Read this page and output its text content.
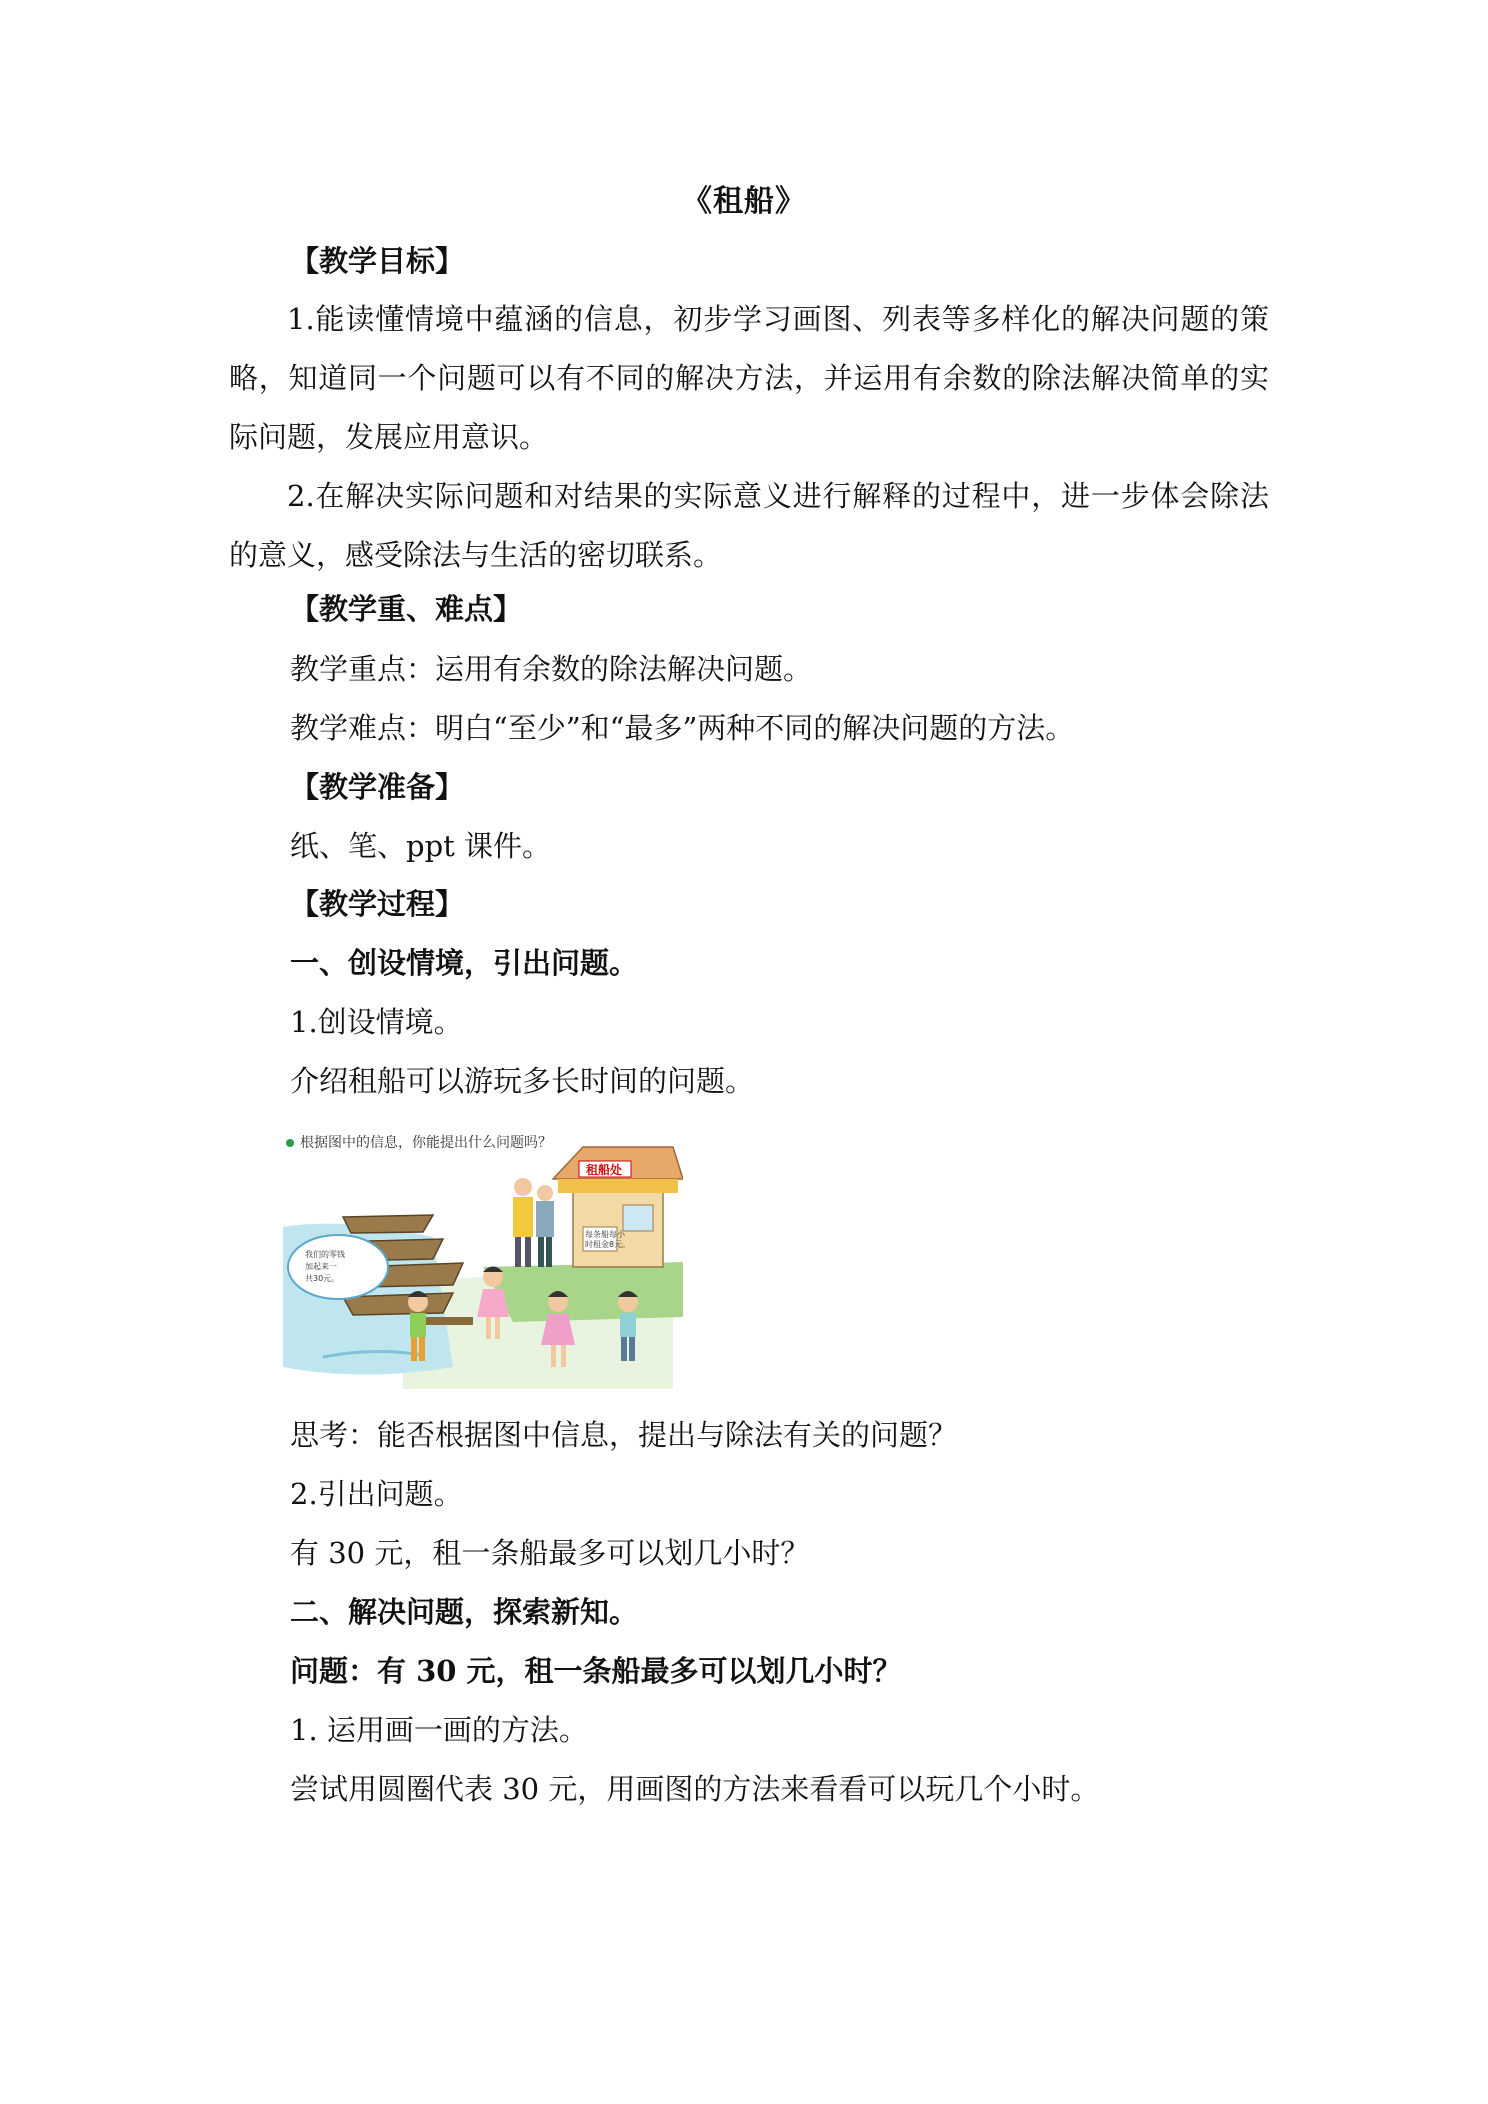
《租船》
【教学目标】
1.能读懂情境中蕴涵的信息，初步学习画图、列表等多样化的解决问题的策略，知道同一个问题可以有不同的解决方法，并运用有余数的除法解决简单的实际问题，发展应用意识。
2.在解决实际问题和对结果的实际意义进行解释的过程中，进一步体会除法的意义，感受除法与生活的密切联系。
【教学重、难点】
教学重点：运用有余数的除法解决问题。
教学难点：明白“至少”和“最多”两种不同的解决问题的方法。
【教学准备】
纸、笔、ppt 课件。
【教学过程】
一、创设情境，引出问题。
1.创设情境。
介绍租船可以游玩多长时间的问题。
根据图中的信息，你能提出什么问题吗？
租船处
每条船每小
时租金8元。
我们的零钱
加起来一
共30元。
思考：能否根据图中信息，提出与除法有关的问题？
2.引出问题。
有 30 元，租一条船最多可以划几小时？
二、解决问题，探索新知。
问题：有 30 元，租一条船最多可以划几小时？
1. 运用画一画的方法。
尝试用圆圈代表 30 元，用画图的方法来看看可以玩几个小时。
